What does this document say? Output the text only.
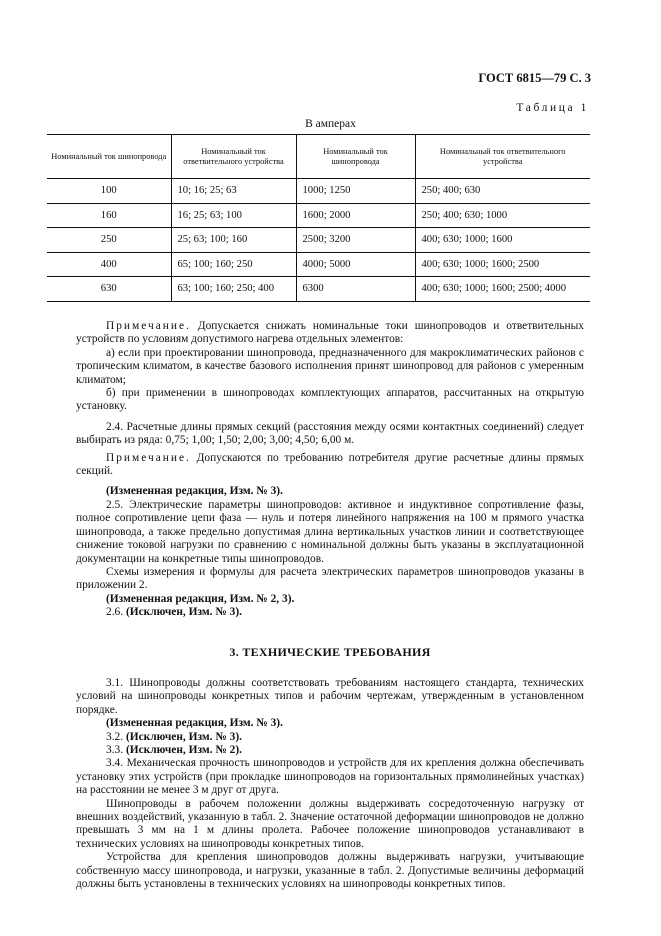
ГОСТ 6815—79 С. 3
Таблица 1
В амперах
Номинальный ток шинопровода	Номинальный ток ответвительного устройства	Номинальный ток шинопровода	Номинальный ток ответвительного устройства
100	10; 16; 25; 63	1000; 1250	250; 400; 630
160	16; 25; 63; 100	1600; 2000	250; 400; 630; 1000
250	25; 63; 100; 160	2500; 3200	400; 630; 1000; 1600
400	65; 100; 160; 250	4000; 5000	400; 630; 1000; 1600; 2500
630	63; 100; 160; 250; 400	6300	400; 630; 1000; 1600; 2500; 4000

Примечание. Допускается снижать номинальные токи шинопроводов и ответвительных устройств по условиям допустимого нагрева отдельных элементов:

а) если при проектировании шинопровода, предназначенного для макроклиматических районов с тропическим климатом, в качестве базового исполнения принят шинопровод для районов с умеренным климатом;

б) при применении в шинопроводах комплектующих аппаратов, рассчитанных на открытую установку.

2.4. Расчетные длины прямых секций (расстояния между осями контактных соединений) следует выбирать из ряда: 0,75; 1,00; 1,50; 2,00; 3,00; 4,50; 6,00 м.

Примечание. Допускаются по требованию потребителя другие расчетные длины прямых секций.

(Измененная редакция, Изм. № 3).

2.5. Электрические параметры шинопроводов: активное и индуктивное сопротивление фазы, полное сопротивление цепи фаза — нуль и потеря линейного напряжения на 100 м прямого участка шинопровода, а также предельно допустимая длина вертикальных участков линии и соответствующее снижение токовой нагрузки по сравнению с номинальной должны быть указаны в эксплуатационной документации на конкретные типы шинопроводов.

Схемы измерения и формулы для расчета электрических параметров шинопроводов указаны в приложении 2.

(Измененная редакция, Изм. № 2, 3).

2.6. (Исключен, Изм. № 3).

3. ТЕХНИЧЕСКИЕ ТРЕБОВАНИЯ

3.1. Шинопроводы должны соответствовать требованиям настоящего стандарта, технических условий на шинопроводы конкретных типов и рабочим чертежам, утвержденным в установленном порядке.

(Измененная редакция, Изм. № 3).

3.2. (Исключен, Изм. № 3).

3.3. (Исключен, Изм. № 2).

3.4. Механическая прочность шинопроводов и устройств для их крепления должна обеспечивать установку этих устройств (при прокладке шинопроводов на горизонтальных прямолинейных участках) на расстоянии не менее 3 м друг от друга.

Шинопроводы в рабочем положении должны выдерживать сосредоточенную нагрузку от внешних воздействий, указанную в табл. 2. Значение остаточной деформации шинопроводов не должно превышать 3 мм на 1 м длины пролета. Рабочее положение шинопроводов устанавливают в технических условиях на шинопроводы конкретных типов.

Устройства для крепления шинопроводов должны выдерживать нагрузки, учитывающие собственную массу шинопровода, и нагрузки, указанные в табл. 2. Допустимые величины деформаций должны быть установлены в технических условиях на шинопроводы конкретных типов.
